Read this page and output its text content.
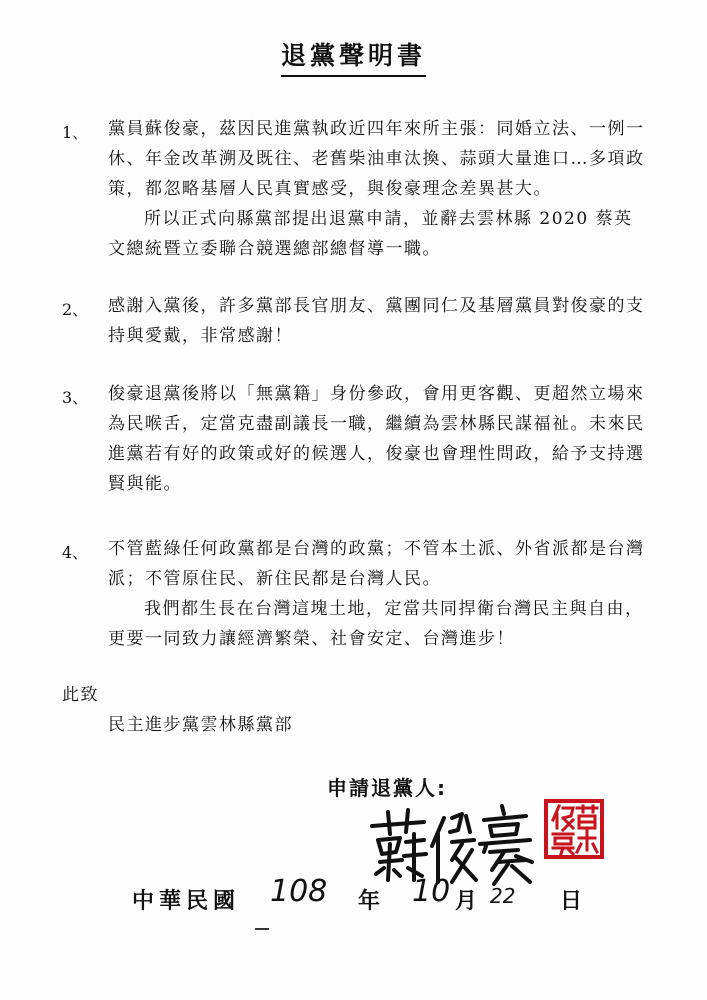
退黨聲明書
1、 黨員蘇俊豪，茲因民進黨執政近四年來所主張：同婚立法、一例一休、年金改革溯及既往、老舊柴油車汰換、蒜頭大量進口…多項政策，都忽略基層人民真實感受，與俊豪理念差異甚大。

所以正式向縣黨部提出退黨申請，並辭去雲林縣 2020 蔡英文總統暨立委聯合競選總部總督導一職。

2、 感謝入黨後，許多黨部長官朋友、黨團同仁及基層黨員對俊豪的支持與愛戴，非常感謝！

3、 俊豪退黨後將以「無黨籍」身份參政，會用更客觀、更超然立場來為民喉舌，定當克盡副議長一職，繼續為雲林縣民謀福祉。未來民進黨若有好的政策或好的候選人，俊豪也會理性問政，給予支持選賢與能。

4、 不管藍綠任何政黨都是台灣的政黨；不管本土派、外省派都是台灣派；不管原住民、新住民都是台灣人民。

我們都生長在台灣這塊土地，定當共同捍衛台灣民主與自由，更要一同致力讓經濟繁榮、社會安定、台灣進步！

此致
民主進步黨雲林縣黨部
申請退黨人:
中華民國 108 年 10 月 22 日
